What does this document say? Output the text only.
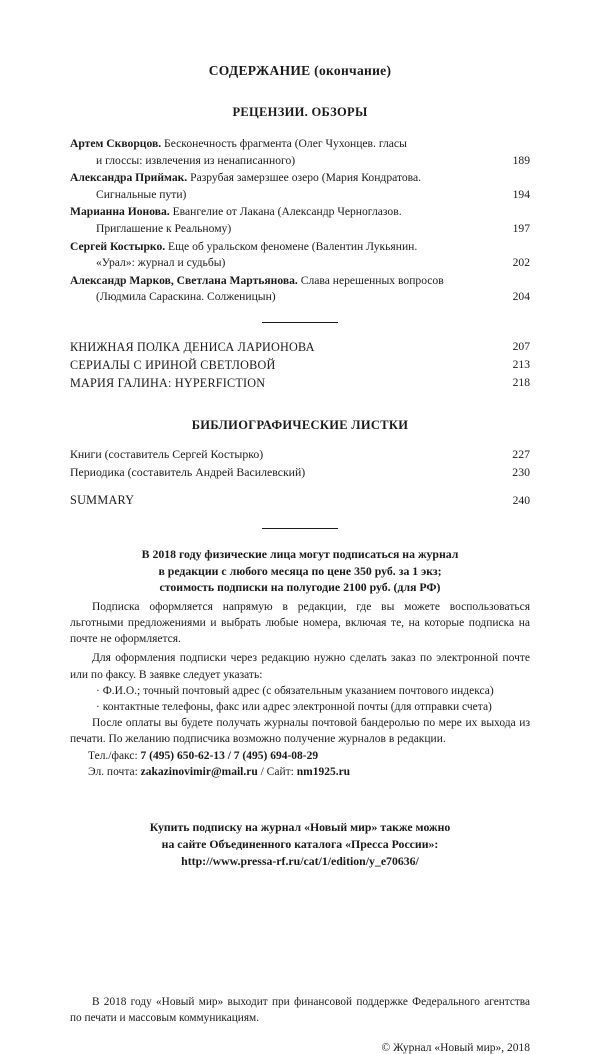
СОДЕРЖАНИЕ (окончание)
РЕЦЕНЗИИ. ОБЗОРЫ
Артем Скворцов. Бесконечность фрагмента (Олег Чухонцев. гласы
и глоссы: извлечения из ненаписанного)	189
Александра Приймак. Разрубая замерзшее озеро (Мария Кондратова.
Сигнальные пути)	194
Марианна Ионова. Евангелие от Лакана (Александр Черноглазов.
Приглашение к Реальному)	197
Сергей Костырко. Еще об уральском феномене (Валентин Лукьянин.
«Урал»: журнал и судьбы)	202
Александр Марков, Светлана Мартьянова. Слава нерешенных вопросов
(Людмила Сараскина. Солженицын)	204
КНИЖНАЯ ПОЛКА ДЕНИСА ЛАРИОНОВА	207
СЕРИАЛЫ С ИРИНОЙ СВЕТЛОВОЙ	213
МАРИЯ ГАЛИНА: HYPERFICTION	218
БИБЛИОГРАФИЧЕСКИЕ ЛИСТКИ
Книги (составитель Сергей Костырко)	227
Периодика (составитель Андрей Василевский)	230
SUMMARY	240
В 2018 году физические лица могут подписаться на журнал
в редакции с любого месяца по цене 350 руб. за 1 экз;
стоимость подписки на полугодие 2100 руб. (для РФ)
Подписка оформляется напрямую в редакции, где вы можете воспользоваться льготными предложениями и выбрать любые номера, включая те, на которые подписка на почте не оформляется.
Для оформления подписки через редакцию нужно сделать заказ по электронной почте или по факсу. В заявке следует указать:
· Ф.И.О.; точный почтовый адрес (с обязательным указанием почтового индекса)
· контактные телефоны, факс или адрес электронной почты (для отправки счета)
После оплаты вы будете получать журналы почтовой бандеролью по мере их выхода из печати. По желанию подписчика возможно получение журналов в редакции.
Тел./факс: 7 (495) 650-62-13 / 7 (495) 694-08-29
Эл. почта: zakazinovimir@mail.ru / Сайт: nm1925.ru
Купить подписку на журнал «Новый мир» также можно
на сайте Объединенного каталога «Пресса России»:
http://www.pressa-rf.ru/cat/1/edition/y_e70636/
В 2018 году «Новый мир» выходит при финансовой поддержке Федерального агентства по печати и массовым коммуникациям.
© Журнал «Новый мир», 2018
